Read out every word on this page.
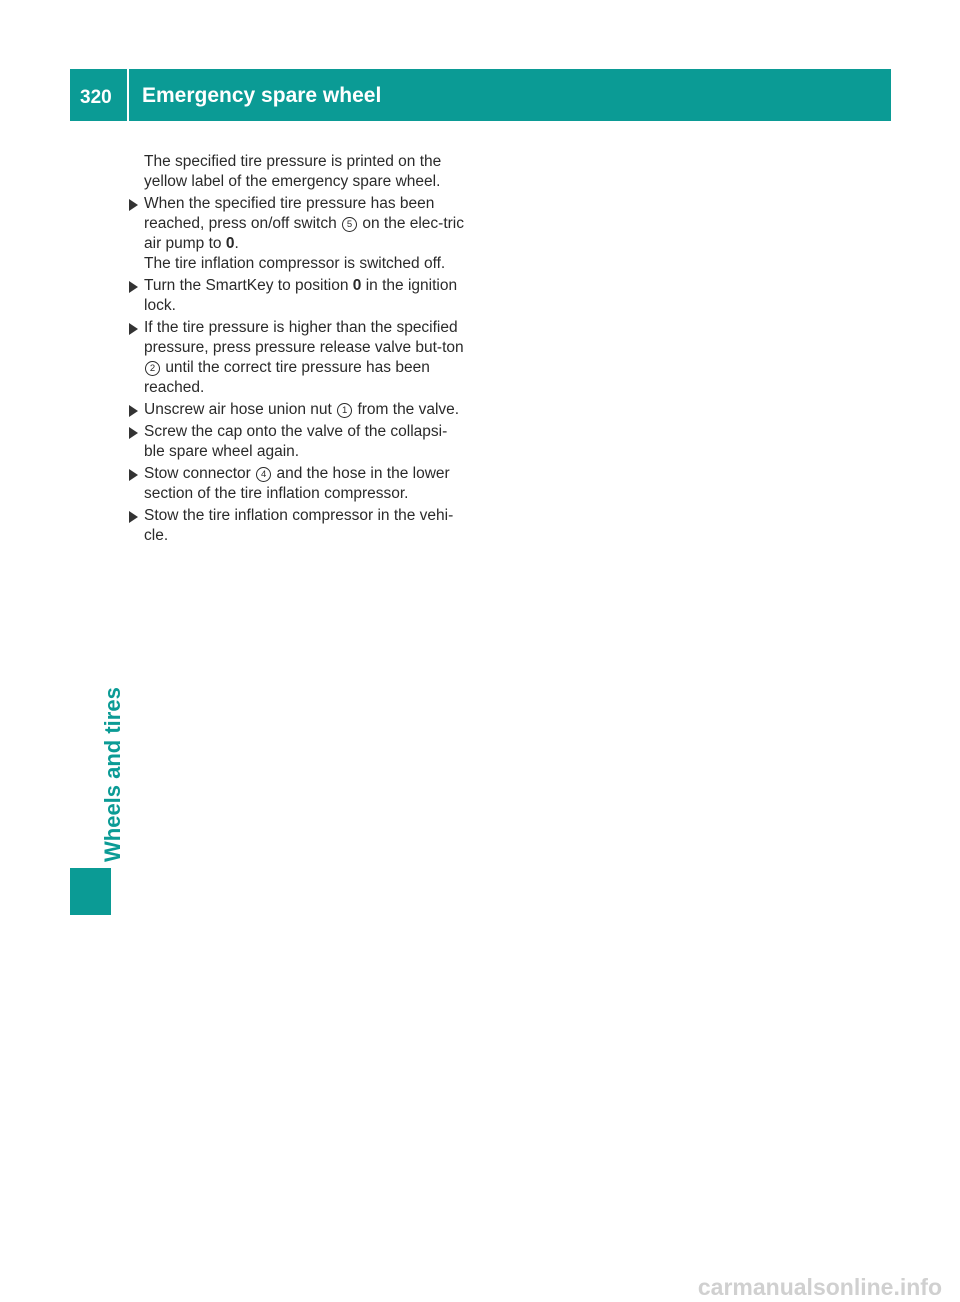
320 Emergency spare wheel
Wheels and tires
The specified tire pressure is printed on the yellow label of the emergency spare wheel.
When the specified tire pressure has been reached, press on/off switch 5 on the elec-tric air pump to 0.
The tire inflation compressor is switched off.
Turn the SmartKey to position 0 in the ignition lock.
If the tire pressure is higher than the specified pressure, press pressure release valve but-ton 2 until the correct tire pressure has been reached.
Unscrew air hose union nut 1 from the valve.
Screw the cap onto the valve of the collapsi-ble spare wheel again.
Stow connector 4 and the hose in the lower section of the tire inflation compressor.
Stow the tire inflation compressor in the vehi-cle.
carmanualsonline.info
